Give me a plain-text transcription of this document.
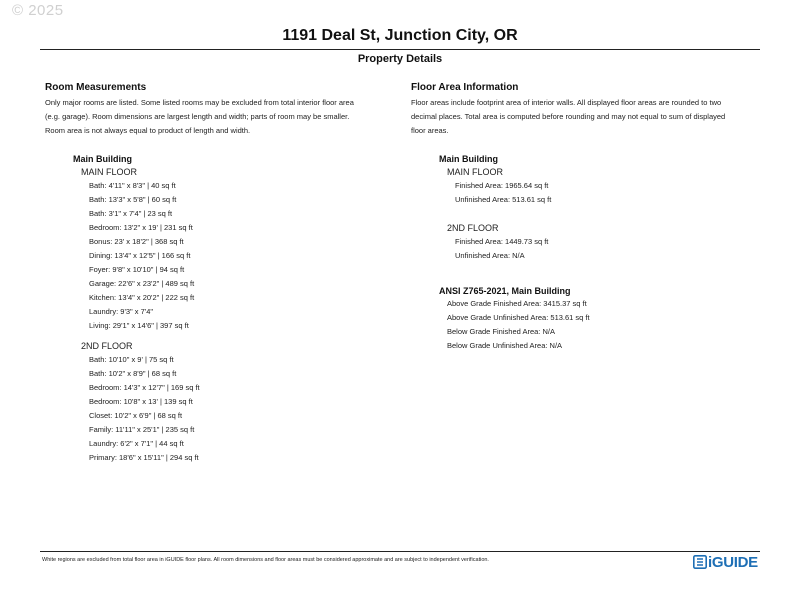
© 2025
1191 Deal St, Junction City, OR
Property Details
Room Measurements
Only major rooms are listed. Some listed rooms may be excluded from total interior floor area
(e.g. garage). Room dimensions are largest length and width; parts of room may be smaller.
Room area is not always equal to product of length and width.
Main Building
MAIN FLOOR
Bath: 4'11" x 8'3" | 40 sq ft
Bath: 13'3" x 5'8" | 60 sq ft
Bath: 3'1" x 7'4" | 23 sq ft
Bedroom: 13'2" x 19' | 231 sq ft
Bonus: 23' x 18'2" | 368 sq ft
Dining: 13'4" x 12'5" | 166 sq ft
Foyer: 9'8" x 10'10" | 94 sq ft
Garage: 22'6" x 23'2" | 489 sq ft
Kitchen: 13'4" x 20'2" | 222 sq ft
Laundry: 9'3" x 7'4"
Living: 29'1" x 14'6" | 397 sq ft
2ND FLOOR
Bath: 10'10" x 9' | 75 sq ft
Bath: 10'2" x 8'9" | 68 sq ft
Bedroom: 14'3" x 12'7" | 169 sq ft
Bedroom: 10'8" x 13' | 139 sq ft
Closet: 10'2" x 6'9" | 68 sq ft
Family: 11'11" x 25'1" | 235 sq ft
Laundry: 6'2" x 7'1" | 44 sq ft
Primary: 18'6" x 15'11" | 294 sq ft
Floor Area Information
Floor areas include footprint area of interior walls. All displayed floor areas are rounded to two
decimal places. Total area is computed before rounding and may not equal to sum of displayed
floor areas.
Main Building
MAIN FLOOR
Finished Area: 1965.64 sq ft
Unfinished Area: 513.61 sq ft
2ND FLOOR
Finished Area: 1449.73 sq ft
Unfinished Area: N/A
ANSI Z765-2021, Main Building
Above Grade Finished Area: 3415.37 sq ft
Above Grade Unfinished Area: 513.61 sq ft
Below Grade Finished Area: N/A
Below Grade Unfinished Area: N/A
White regions are excluded from total floor area in iGUIDE floor plans. All room dimensions and floor areas must be considered approximate and are subject to independent verification.	iGUIDE
